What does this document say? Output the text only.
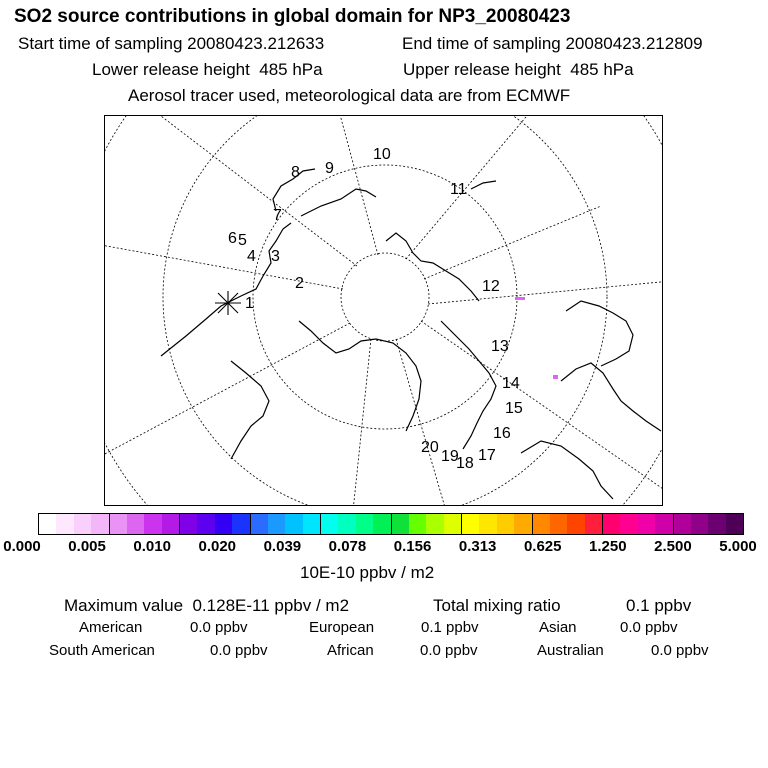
SO2 source contributions in global domain for NP3_20080423
Start time of sampling 20080423.212633	End time of sampling 20080423.212809
Lower release height  485 hPa	Upper release height  485 hPa
Aerosol tracer used, meteorological data are from ECMWF
1
2
3
4
5
6
7
8 9
10
11
12
13
14
15
16
17
18
19
20
0.000 0.005 0.010 0.020 0.039 0.078 0.156 0.313 0.625 1.250 2.500 5.000
10E-10 ppbv / m2
Maximum value  0.128E-11 ppbv / m2	Total mixing ratio	0.1 ppbv
American	0.0 ppbv	European	0.1 ppbv	Asian	0.0 ppbv
South American	0.0 ppbv	African	0.0 ppbv	Australian	0.0 ppbv
